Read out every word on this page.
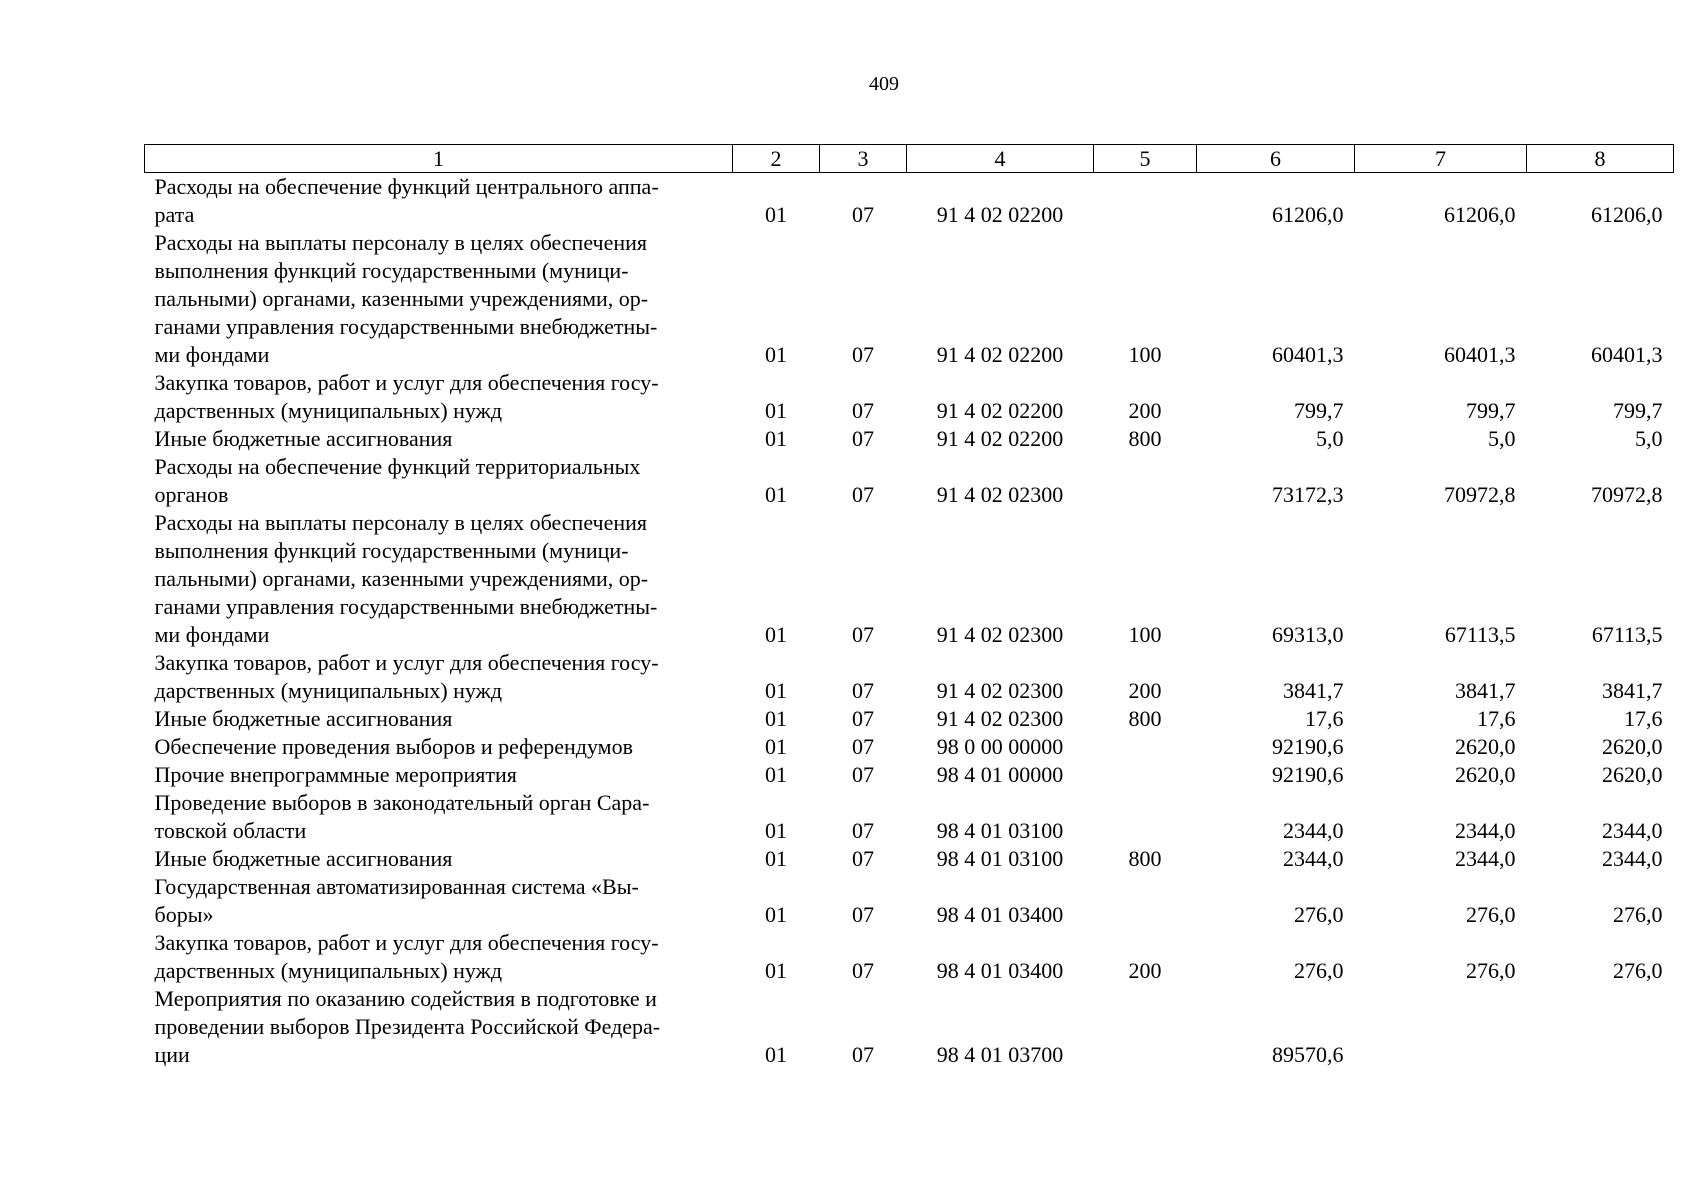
409
1	2	3	4	5	6	7	8
Расходы на обеспечение функций центрального аппа-
рата	01	07	91 4 02 02200		61206,0	61206,0	61206,0
Расходы на выплаты персоналу в целях обеспечения
выполнения функций государственными (муници-
пальными) органами, казенными учреждениями, ор-
ганами управления государственными внебюджетны-
ми фондами	01	07	91 4 02 02200	100	60401,3	60401,3	60401,3
Закупка товаров, работ и услуг для обеспечения госу-
дарственных (муниципальных) нужд	01	07	91 4 02 02200	200	799,7	799,7	799,7
Иные бюджетные ассигнования	01	07	91 4 02 02200	800	5,0	5,0	5,0
Расходы на обеспечение функций территориальных
органов	01	07	91 4 02 02300		73172,3	70972,8	70972,8
Расходы на выплаты персоналу в целях обеспечения
выполнения функций государственными (муници-
пальными) органами, казенными учреждениями, ор-
ганами управления государственными внебюджетны-
ми фондами	01	07	91 4 02 02300	100	69313,0	67113,5	67113,5
Закупка товаров, работ и услуг для обеспечения госу-
дарственных (муниципальных) нужд	01	07	91 4 02 02300	200	3841,7	3841,7	3841,7
Иные бюджетные ассигнования	01	07	91 4 02 02300	800	17,6	17,6	17,6
Обеспечение проведения выборов и референдумов	01	07	98 0 00 00000		92190,6	2620,0	2620,0
Прочие внепрограммные мероприятия	01	07	98 4 01 00000		92190,6	2620,0	2620,0
Проведение выборов в законодательный орган Сара-
товской области	01	07	98 4 01 03100		2344,0	2344,0	2344,0
Иные бюджетные ассигнования	01	07	98 4 01 03100	800	2344,0	2344,0	2344,0
Государственная автоматизированная система «Вы-
боры»	01	07	98 4 01 03400		276,0	276,0	276,0
Закупка товаров, работ и услуг для обеспечения госу-
дарственных (муниципальных) нужд	01	07	98 4 01 03400	200	276,0	276,0	276,0
Мероприятия по оказанию содействия в подготовке и
проведении выборов Президента Российской Федера-
ции	01	07	98 4 01 03700		89570,6		
